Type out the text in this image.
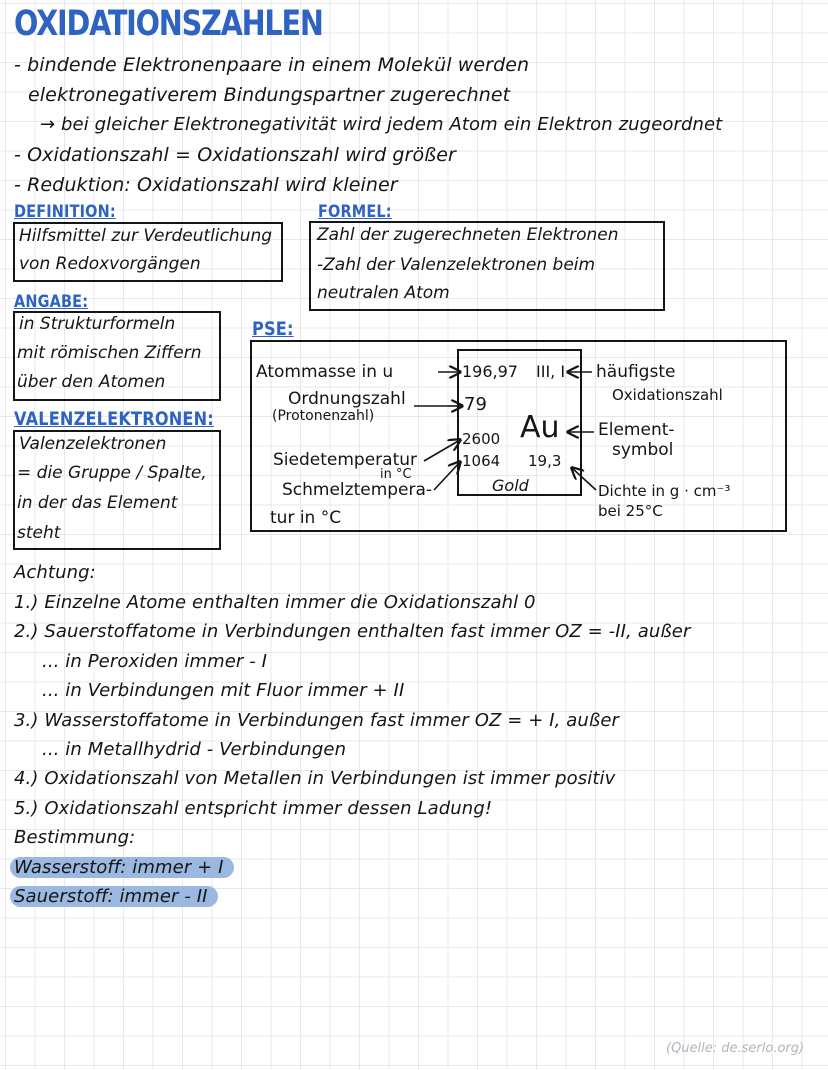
OXIDATIONSZAHLEN
- bindende Elektronenpaare in einem Molekül werden
elektronegativerem Bindungspartner zugerechnet
→ bei gleicher Elektronegativität wird jedem Atom ein Elektron zugeordnet
- Oxidationszahl = Oxidationszahl wird größer
- Reduktion: Oxidationszahl wird kleiner
DEFINITION:
Hilfsmittel zur Verdeutlichung
von Redoxvorgängen
FORMEL:
Zahl der zugerechneten Elektronen
-Zahl der Valenzelektronen beim
neutralen Atom
ANGABE:
in Strukturformeln
mit römischen Ziffern
über den Atomen
VALENZELEKTRONEN:
Valenzelektronen
= die Gruppe / Spalte,
in der das Element
steht
PSE:
Atommasse in u
Ordnungszahl
(Protonenzahl)
Siedetemperatur
in °C
Schmelztempera-
tur in °C
196,97 III, I
79
Au
2600
1064 19,3
Gold
häufigste
Oxidationszahl
Element-
symbol
Dichte in g · cm⁻³
bei 25°C
Achtung:
1.) Einzelne Atome enthalten immer die Oxidationszahl 0
2.) Sauerstoffatome in Verbindungen enthalten fast immer OZ = -II, außer
... in Peroxiden immer - I
... in Verbindungen mit Fluor immer + II
3.) Wasserstoffatome in Verbindungen fast immer OZ = + I, außer
... in Metallhydrid - Verbindungen
4.) Oxidationszahl von Metallen in Verbindungen ist immer positiv
5.) Oxidationszahl entspricht immer dessen Ladung!
Bestimmung:
Wasserstoff: immer + I
Sauerstoff: immer - II
(Quelle: de.serlo.org)
